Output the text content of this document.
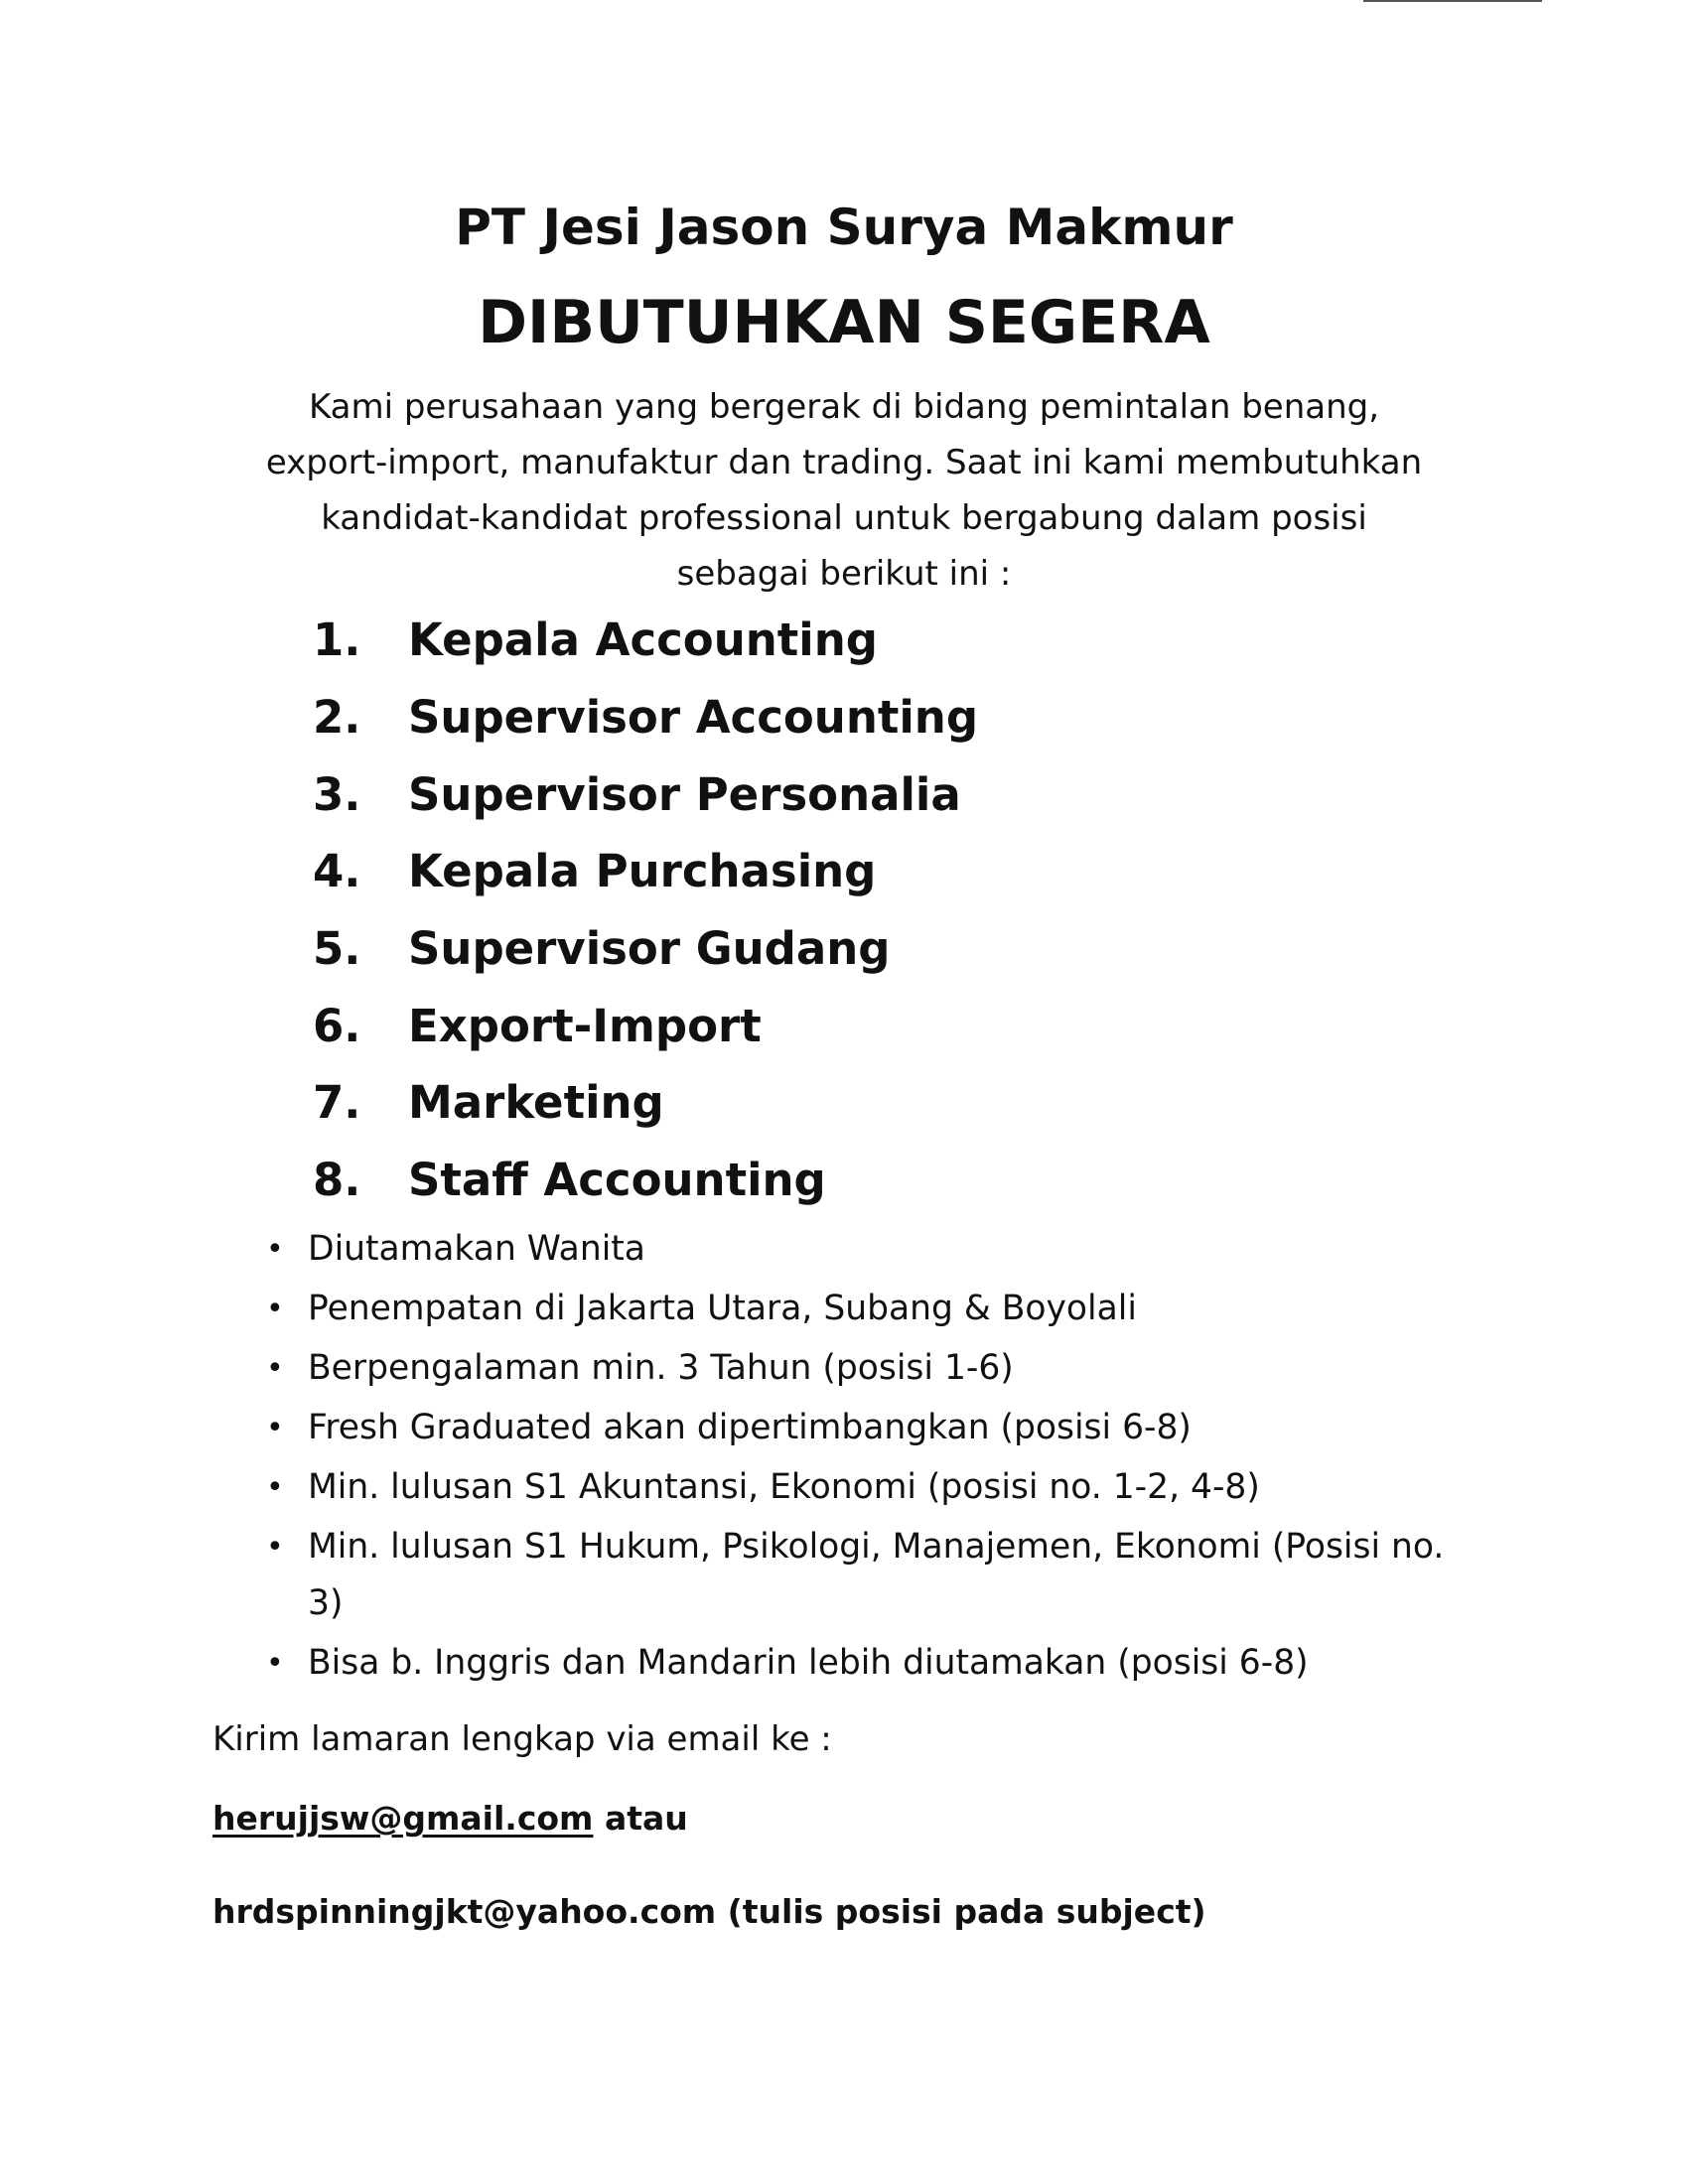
PT Jesi Jason Surya Makmur
DIBUTUHKAN SEGERA
Kami perusahaan yang bergerak di bidang pemintalan benang,
export-import, manufaktur dan trading. Saat ini kami membutuhkan
kandidat-kandidat professional untuk bergabung dalam posisi
sebagai berikut ini :
1.	Kepala Accounting
2.	Supervisor Accounting
3.	Supervisor Personalia
4.	Kepala Purchasing
5.	Supervisor Gudang
6.	Export-Import
7.	Marketing
8.	Staff Accounting
• Diutamakan Wanita
• Penempatan di Jakarta Utara, Subang & Boyolali
• Berpengalaman min. 3 Tahun (posisi 1-6)
• Fresh Graduated akan dipertimbangkan (posisi 6-8)
• Min. lulusan S1 Akuntansi, Ekonomi (posisi no. 1-2, 4-8)
• Min. lulusan S1 Hukum, Psikologi, Manajemen, Ekonomi (Posisi no. 3)
• Bisa b. Inggris dan Mandarin lebih diutamakan (posisi 6-8)
Kirim lamaran lengkap via email ke :
herujjsw@gmail.com atau
hrdspinningjkt@yahoo.com (tulis posisi pada subject)
